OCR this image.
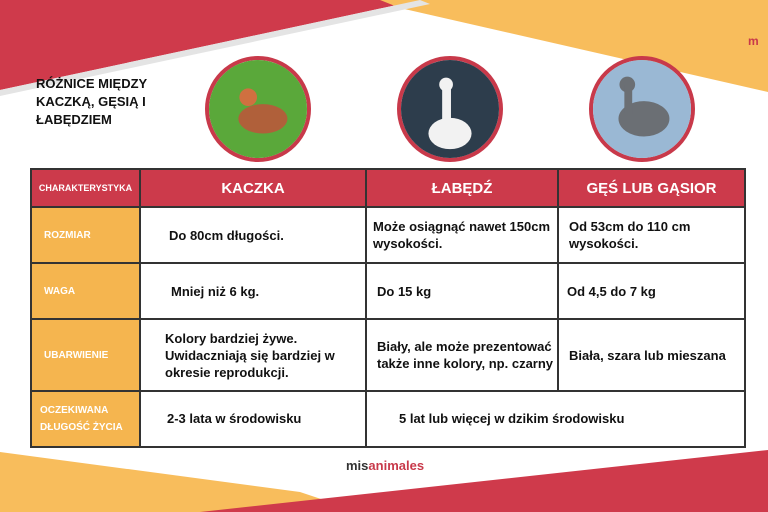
m
RÓŻNICE MIĘDZY
KACZKĄ, GĘSIĄ I
ŁABĘDZIEM
CHARAKTERYSTYKA	KACZKA	ŁABĘDŹ	GĘŚ LUB GĄSIOR
ROZMIAR	Do 80cm długości.	Może osiągnąć nawet 150cm wysokości.	Od 53cm do 110 cm wysokości.
WAGA	Mniej niż 6 kg.	Do 15 kg	Od 4,5 do 7 kg
UBARWIENIE	Kolory bardziej żywe. Uwidaczniają się bardziej w okresie reprodukcji.	Biały, ale może prezentować także inne kolory, np. czarny	Biała, szara lub mieszana
OCZEKIWANA DŁUGOŚĆ ŻYCIA	2-3 lata w środowisku	5 lat lub więcej w dzikim środowisku	
misanimales
